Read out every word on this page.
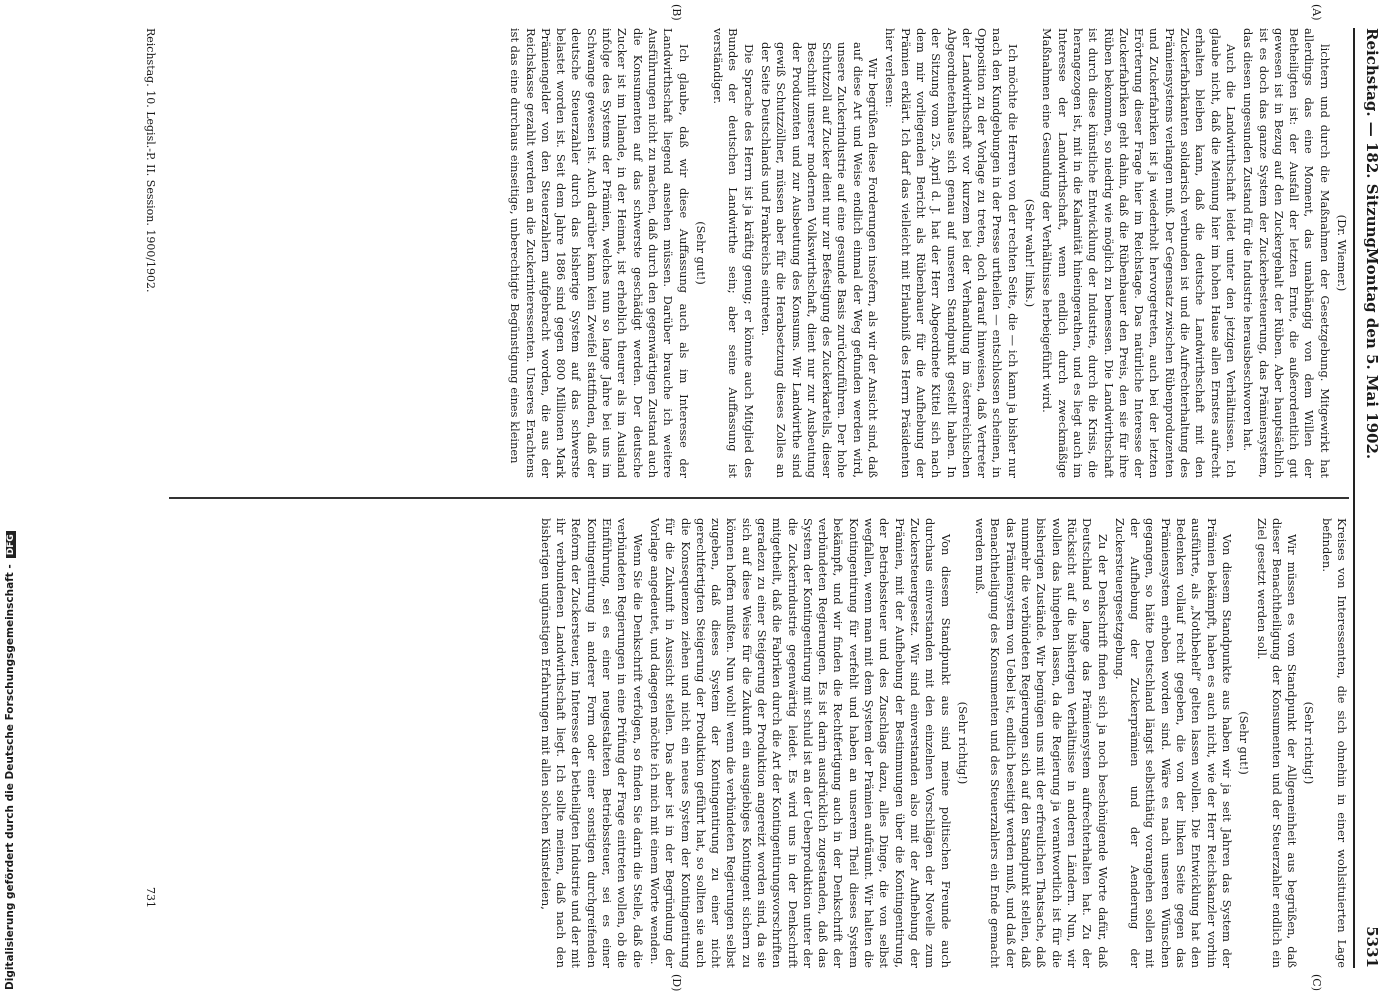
Reichstag. — 182. Sitzung.
Montag den 5. Mai 1902.
5331
(A)
(B)
(C)
(D)

(Dr. Wiemer.)

lichtern und durch die Maßnahmen der Gesetzgebung. Mitgewirkt hat allerdings das eine Moment, das unabhängig von dem Willen der Betheiligten ist: der Ausfall der letzten Ernte, die außerordentlich gut gewesen ist in Bezug auf den Zuckergehalt der Rüben. Aber hauptsächlich ist es doch das ganze System der Zuckerbesteuerung, das Prämiensystem, das diesen ungesunden Zustand für die Industrie herausbeschworen hat.

Auch die Landwirthschaft leidet unter den jetzigen Verhältnissen. Ich glaube nicht, daß die Meinung hier im hohen Hause allen Ernstes aufrecht erhalten bleiben kann, daß die deutsche Landwirthschaft mit den Zuckerfabrikanten solidarisch verbunden ist und die Aufrechterhaltung des Prämiensystems verlangen muß. Der Gegensatz zwischen Rübenproduzenten und Zuckerfabriken ist ja wiederholt hervorgetreten, auch bei der letzten Erörterung dieser Frage hier im Reichstage. Das natürliche Interesse der Zuckerfabriken geht dahin, daß die Rübenbauer den Preis, den sie für ihre Rüben bekommen, so niedrig wie möglich zu bemessen. Die Landwirthschaft ist durch diese künstliche Entwicklung der Industrie, durch die Krisis, die herangezogen ist, mit in die Kalamität hineingerathen, und es liegt auch im Interesse der Landwirthschaft, wenn endlich durch zweckmäßige Maßnahmen eine Gesundung der Verhältnisse herbeigeführt wird.

(Sehr wahr! links.)

Ich möchte die Herren von der rechten Seite, die — ich kann ja bisher nur nach den Kundgebungen in der Presse urtheilen — entschlossen scheinen, in Opposition zu der Vorlage zu treten, doch darauf hinweisen, daß Vertreter der Landwirthschaft vor kurzem bei der Verhandlung im österreichischen Abgeordnetenhause sich genau auf unseren Standpunkt gestellt haben. In der Sitzung vom 25. April d. J. hat der Herr Abgeordnete Kittel sich nach dem mir vorliegenden Bericht als Rübenbauer für die Aufhebung der Prämien erklärt. Ich darf das vielleicht mit Erlaubniß des Herrn Präsidenten hier verlesen:

Wir begrüßen diese Forderungen insofern, als wir der Ansicht sind, daß auf diese Art und Weise endlich einmal der Weg gefunden werden wird, unsere Zuckerindustrie auf eine gesunde Basis zurückzuführen. Der hohe Schutzzoll auf Zucker dient nur zur Befestigung des Zuckerkartells, dieser Beschnitt unserer modernen Volkswirthschaft, dient nur zur Ausbeutung der Produzenten und zur Ausbeutung des Konsums. Wir Landwirthe sind gewiß Schutzzöllner, müssen aber für die Herabsetzung dieses Zolles an der Seite Deutschlands und Frankreichs eintreten.

Die Sprache des Herrn ist ja kräftig genug; er könnte auch Mitglied des Bundes der deutschen Landwirthe sein; aber seine Auffassung ist verständiger.

(Sehr gut!)

Ich glaube, daß wir diese Auffassung auch als im Interesse der Landwirthschaft liegend ansehen müssen. Darüber brauche ich weitere Ausführungen nicht zu machen, daß durch den gegenwärtigen Zustand auch die Konsumenten auf das schwerste geschädigt werden. Der deutsche Zucker ist im Inlande, in der Heimat, ist erheblich theurer als im Ausland infolge des Systems der Prämien, welches nun so lange Jahre bei uns im Schwange gewesen ist. Auch darüber kann kein Zweifel stattfinden, daß der deutsche Steuerzahler durch das bisherige System auf das schwerste belastet worden ist. Seit dem Jahre 1886 sind gegen 800 Millionen Mark Prämiengelder von den Steuerzahlern aufgebracht worden, die aus der Reichskasse gezahlt werden an die Zuckerinteressenten. Unseres Erachtens ist das eine durchaus einseitige, unberechtigte Begünstigung eines kleinen

Kreises von Interessenten, die sich ohnehin in einer wohlsituierten Lage befinden.

(Sehr richtig!)

Wir müssen es vom Standpunkt der Allgemeinheit aus begrüßen, daß dieser Benachtheiligung der Konsumenten und der Steuerzahler endlich ein Ziel gesetzt werden soll.

(Sehr gut!)

Von diesem Standpunkte aus haben wir ja seit Jahren das System der Prämien bekämpft, haben es auch nicht, wie der Herr Reichskanzler vorhin ausführte, als „Nothbehelf“ gelten lassen wollen. Die Entwicklung hat den Bedenken vollauf recht gegeben, die von der linken Seite gegen das Prämiensystem erhoben worden sind. Wäre es nach unseren Wünschen gegangen, so hätte Deutschland längst selbstthätig vorangehen sollen mit der Aufhebung der Zuckerprämien und der Aenderung der Zuckersteuergesetzgebung.

Zu der Denkschrift finden sich ja noch beschönigende Worte dafür, daß Deutschland so lange das Prämiensystem aufrechterhalten hat. Zu der Rücksicht auf die bisherigen Verhältnisse in anderen Ländern. Nun, wir wollen das hingehen lassen, da die Regierung ja verantwortlich ist für die bisherigen Zustände. Wir begnügen uns mit der erfreulichen Thatsache, daß nunmehr die verbündeten Regierungen sich auf den Standpunkt stellen, daß das Prämiensystem von Uebel ist, endlich beseitigt werden muß, und daß der Benachtheiligung des Konsumenten und des Steuerzahlers ein Ende gemacht werden muß.

(Sehr richtig!)

Von diesem Standpunkt aus sind meine politischen Freunde auch durchaus einverstanden mit den einzelnen Vorschlägen der Novelle zum Zuckersteuergesetz. Wir sind einverstanden also mit der Aufhebung der Prämien, mit der Aufhebung der Bestimmungen über die Kontingentirung, der Betriebssteuer und des Zuschlags dazu, alles Dinge, die von selbst wegfallen, wenn man mit dem System der Prämien aufräumt. Wir halten die Kontingentirung für verfehlt und haben an unserem Theil dieses System bekämpft, und wir finden die Rechtfertigung auch in der Denkschrift der verbündeten Regierungen. Es ist darin ausdrücklich zugestanden, daß das System der Kontingentirung mit schuld ist an der Ueberproduktion unter der die Zuckerindustrie gegenwärtig leidet. Es wird uns in der Denkschrift mitgetheilt, daß die Fabriken durch die Art der Kontingentirungsvorschriften geradezu zu einer Steigerung der Produktion angereizt worden sind, da sie sich auf diese Weise für die Zukunft ein ausgiebiges Kontingent sichern zu können hoffen mußten. Nun wohl! wenn die verbündeten Regierungen selbst zugeben, daß dieses System der Kontingentirung zu einer nicht gerechtfertigten Steigerung der Produktion geführt hat, so sollten sie auch die Konsequenzen ziehen und nicht ein neues System der Kontingentirung für die Zukunft in Aussicht stellen. Das aber ist in der Begründung der Vorlage angedeutet, und dagegen möchte ich mich mit einem Worte wenden.

Wenn Sie die Denkschrift verfolgen, so finden Sie darin die Stelle, daß die verbündeten Regierungen in eine Prüfung der Frage eintreten wollen, ob die Einführung, sei es einer neugestalteten Betriebssteuer, sei es einer Kontingentirung in anderer Form oder einer sonstigen durchgreifenden Reform der Zuckersteuer, im Interesse der betheiligten Industrie und der mit ihr verbundenen Landwirthschaft liegt. Ich sollte meinen, daß nach den bisherigen ungünstigen Erfahrungen mit allen solchen Künsteleien,

Reichstag. 10. Legisl.-P. II. Session. 1900/1902.
731
Digitalisierung gefördert durch die Deutsche Forschungsgemeinschaft -DFG
